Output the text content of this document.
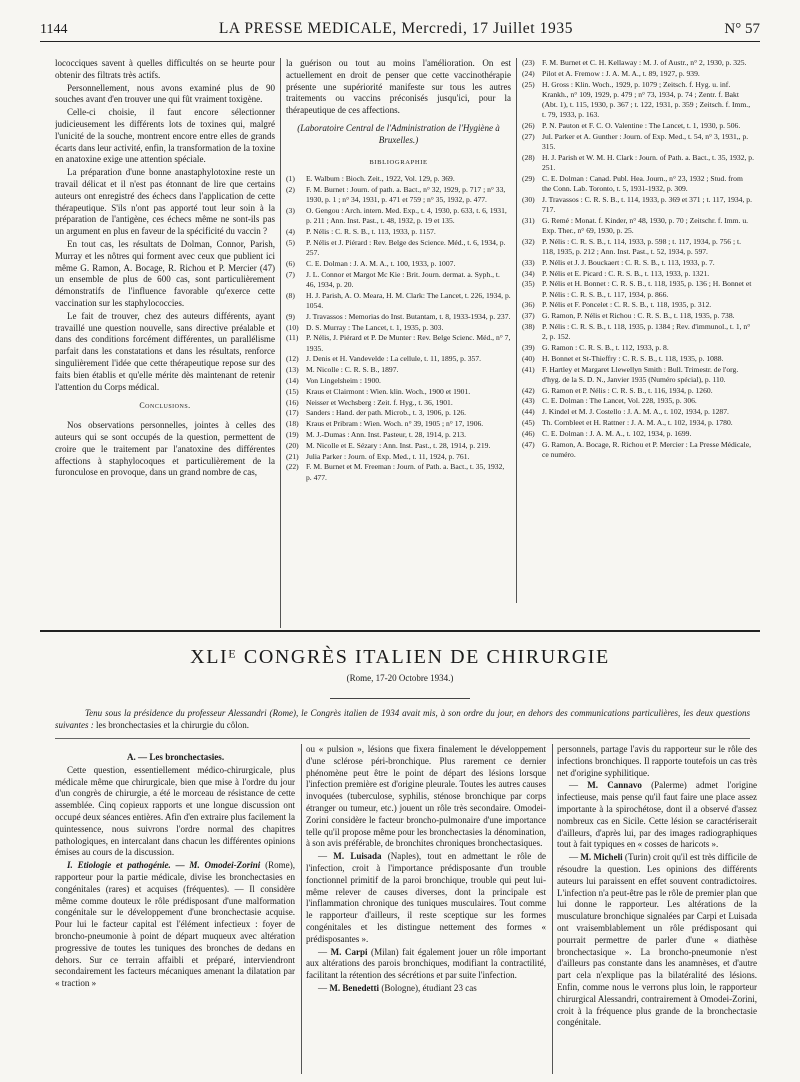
1144	LA PRESSE MEDICALE, Mercredi, 17 Juillet 1935	N° 57

lococciques savent à quelles difficultés on se heurte pour obtenir des filtrats très actifs.

Personnellement, nous avons examiné plus de 90 souches avant d'en trouver une qui fût vraiment toxigène.

Celle-ci choisie, il faut encore sélectionner judicieusement les différents lots de toxines qui, malgré l'unicité de la souche, montrent encore entre elles de grands écarts dans leur activité, enfin, la transformation de la toxine en anatoxine exige une attention spéciale.

La préparation d'une bonne anastaphylotoxine reste un travail délicat et il n'est pas étonnant de lire que certains auteurs ont enregistré des échecs dans l'application de cette thérapeutique. S'ils n'ont pas apporté tout leur soin à la préparation de l'antigène, ces échecs même ne sont-ils pas un argument en plus en faveur de la spécificité du vaccin ?

En tout cas, les résultats de Dolman, Connor, Parish, Murray et les nôtres qui forment avec ceux que publient ici même G. Ramon, A. Bocage, R. Richou et P. Mercier (47) un ensemble de plus de 600 cas, sont particulièrement démonstratifs de l'influence favorable qu'exerce cette vaccination sur les staphylococcies.

Le fait de trouver, chez des auteurs différents, ayant travaillé une question nouvelle, sans directive préalable et dans des conditions forcément différentes, un parallélisme parfait dans les constatations et dans les résultats, renforce singulièrement l'idée que cette thérapeutique repose sur des faits bien établis et qu'elle mérite dès maintenant de retenir l'attention du Corps médical.

Conclusions.

Nos observations personnelles, jointes à celles des auteurs qui se sont occupés de la question, permettent de croire que le traitement par l'anatoxine des différentes affections à staphylocoques et particulièrement de la furonculose en provoque, dans un grand nombre de cas,

la guérison ou tout au moins l'amélioration. On est actuellement en droit de penser que cette vaccinothérapie présente une supériorité manifeste sur tous les autres traitements ou vaccins préconisés jusqu'ici, pour la thérapeutique de ces affections.

(Laboratoire Central de l'Administration de l'Hygiène à Bruxelles.)

BIBLIOGRAPHIE
(1) E. Walbum : Bioch. Zeit., 1922, Vol. 129, p. 369.
(2) F. M. Burnet : Journ. of path. a. Bact., n° 32, 1929, p. 717 ; n° 33, 1930, p. 1 ; n° 34, 1931, p. 471 et 759 ; n° 35, 1932, p. 477.
(3) O. Gengou : Arch. intern. Med. Exp., t. 4, 1930, p. 633, t. 6, 1931, p. 211 ; Ann. Inst. Past., t. 48, 1932, p. 19 et 135.
(4) P. Nélis : C. R. S. B., t. 113, 1933, p. 1157.
(5) P. Nélis et J. Piérard : Rev. Belge des Science. Méd., t. 6, 1934, p. 257.
(6) C. E. Dolman : J. A. M. A., t. 100, 1933, p. 1007.
(7) J. L. Connor et Margot Mc Kie : Brit. Journ. dermat. a. Syph., t. 46, 1934, p. 20.
(8) H. J. Parish, A. O. Meara, H. M. Clark: The Lancet, t. 226, 1934, p. 1054.
(9) J. Travassos : Memorias do Inst. Butantam, t. 8, 1933-1934, p. 237.
(10) D. S. Murray : The Lancet, t. 1, 1935, p. 303.
(11) P. Nélis, J. Piérard et P. De Munter : Rev. Belge Scienc. Méd., n° 7, 1935.
(12) J. Denis et H. Vandevelde : La cellule, t. 11, 1895, p. 357.
(13) M. Nicolle : C. R. S. B., 1897.
(14) Von Lingelsheim : 1900.
(15) Kraus et Clairmont : Wien. klin. Woch., 1900 et 1901.
(16) Neisser et Wechsberg : Zeit. f. Hyg., t. 36, 1901.
(17) Sanders : Hand. der path. Microb., t. 3, 1906, p. 126.
(18) Kraus et Pribram : Wien. Woch. n° 39, 1905 ; n° 17, 1906.
(19) M. J.-Dumas : Ann. Inst. Pasteur, t. 28, 1914, p. 213.
(20) M. Nicolle et E. Sézary : Ann. Inst. Past., t. 28, 1914, p. 219.
(21) Julia Parker : Journ. of Exp. Med., t. 11, 1924, p. 761.
(22) F. M. Burnet et M. Freeman : Journ. of Path. a. Bact., t. 35, 1932, p. 477.
(23) F. M. Burnet et C. H. Kellaway : M. J. of Austr., n° 2, 1930, p. 325.
(24) Pilot et A. Fremow : J. A. M. A., t. 89, 1927, p. 939.
(25) H. Gross : Klin. Woch., 1929, p. 1079 ; Zeitsch. f. Hyg. u. inf. Krankh., n° 109, 1929, p. 479 ; n° 73, 1934, p. 74 ; Zentr. f. Bakt (Abt. 1), t. 115, 1930, p. 367 ; t. 122, 1931, p. 359 ; Zeitsch. f. Imm., t. 79, 1933, p. 163.
(26) P. N. Pauton et F. C. O. Valentine : The Lancet, t. 1, 1930, p. 506.
(27) Jul. Parker et A. Gunther : Journ. of Exp. Med., t. 54, n° 3, 1931,, p. 315.
(28) H. J. Parish et W. M. H. Clark : Journ. of Path. a. Bact., t. 35, 1932, p. 251.
(29) C. E. Dolman : Canad. Publ. Hea. Journ., n° 23, 1932 ; Stud. from the Conn. Lab. Toronto, t. 5, 1931-1932, p. 309.
(30) J. Travassos : C. R. S. B., t. 114, 1933, p. 369 et 371 ; t. 117, 1934, p. 717.
(31) G. Remé : Monat. f. Kinder, n° 48, 1930, p. 70 ; Zeitschr. f. Imm. u. Exp. Ther., n° 69, 1930, p. 25.
(32) P. Nélis : C. R. S. B., t. 114, 1933, p. 598 ; t. 117, 1934, p. 756 ; t. 118, 1935, p. 212 ; Ann. Inst. Past., t. 52, 1934, p. 597.
(33) P. Nélis et J. J. Bouckaert : C. R. S. B., t. 113, 1933, p. 7.
(34) P. Nélis et E. Picard : C. R. S. B., t. 113, 1933, p. 1321.
(35) P. Nélis et H. Bonnet : C. R. S. B., t. 118, 1935, p. 136 ; H. Bonnet et P. Nélis : C. R. S. B., t. 117, 1934, p. 866.
(36) P. Nélis et F. Poncelet : C. R. S. B., t. 118, 1935, p. 312.
(37) G. Ramon, P. Nélis et Richou : C. R. S. B., t. 118, 1935, p. 738.
(38) P. Nélis : C. R. S. B., t. 118, 1935, p. 1384 ; Rev. d'immunol., t. 1, n° 2, p. 152.
(39) G. Ramon : C. R. S. B., t. 112, 1933, p. 8.
(40) H. Bonnet et St-Thieffry : C. R. S. B., t. 118, 1935, p. 1088.
(41) F. Hartley et Margaret Llewellyn Smith : Bull. Trimestr. de l'org. d'hyg. de la S. D. N., Janvier 1935 (Numéro spécial), p. 110.
(42) G. Ramon et P. Nélis : C. R. S. B., t. 116, 1934, p. 1260.
(43) C. E. Dolman : The Lancet, Vol. 228, 1935, p. 306.
(44) J. Kindel et M. J. Costello : J. A. M. A., t. 102, 1934, p. 1287.
(45) Th. Cornbleet et H. Rattner : J. A. M. A., t. 102, 1934, p. 1780.
(46) C. E. Dolman : J. A. M. A., t. 102, 1934, p. 1699.
(47) G. Ramon, A. Bocage, R. Richou et P. Mercier : La Presse Médicale, ce numéro.
XLIᴱ CONGRÈS ITALIEN DE CHIRURGIE
(Rome, 17-20 Octobre 1934.)
Tenu sous la présidence du professeur Alessandri (Rome), le Congrès italien de 1934 avait mis, à son ordre du jour, en dehors des communications particulières, les deux questions suivantes : les bronchectasies et la chirurgie du côlon.

A. — Les bronchectasies.

Cette question, essentiellement médico-chirurgicale, plus médicale même que chirurgicale, bien que mise à l'ordre du jour d'un congrès de chirurgie, a été le morceau de résistance de cette assemblée. Cinq copieux rapports et une longue discussion ont occupé deux séances entières. Afin d'en extraire plus facilement la quintessence, nous suivrons l'ordre normal des chapitres pathologiques, en intercalant dans chacun les différentes opinions émises au cours de la discussion.

I. Etiologie et pathogénie. — M. Omodei-Zorini (Rome), rapporteur pour la partie médicale, divise les bronchectasies en congénitales (rares) et acquises (fréquentes). — Il considère même comme douteux le rôle prédisposant d'une malformation congénitale sur le développement d'une bronchectasie acquise. Pour lui le facteur capital est l'élément infectieux : foyer de broncho-pneumonie à point de départ muqueux avec altération progressive de toutes les tuniques des bronches de dedans en dehors. Sur ce terrain affaibli et préparé, interviendront secondairement les facteurs mécaniques amenant la dilatation par « traction »

ou « pulsion », lésions que fixera finalement le développement d'une sclérose péri-bronchique. Plus rarement ce dernier phénomène peut être le point de départ des lésions lorsque l'infection première est d'origine pleurale. Toutes les autres causes invoquées (tuberculose, syphilis, sténose bronchique par corps étranger ou tumeur, etc.) jouent un rôle très secondaire. Omodei-Zorini considère le facteur broncho-pulmonaire d'une importance telle qu'il propose même pour les bronchectasies la dénomination, à son avis préférable, de bronchites chroniques bronchectasiques.

— M. Luisada (Naples), tout en admettant le rôle de l'infection, croit à l'importance prédisposante d'un trouble fonctionnel primitif de la paroi bronchique, trouble qui peut lui-même relever de causes diverses, dont la principale est l'inflammation chronique des tuniques musculaires. Tout comme le rapporteur d'ailleurs, il reste sceptique sur les formes congénitales et les distingue nettement des formes « prédisposantes ».

— M. Carpi (Milan) fait également jouer un rôle important aux altérations des parois bronchiques, modifiant la contractilité, facilitant la rétention des sécrétions et par suite l'infection.

— M. Benedetti (Bologne), étudiant 23 cas

personnels, partage l'avis du rapporteur sur le rôle des infections bronchiques. Il rapporte toutefois un cas très net d'origine syphilitique.

— M. Cannavo (Palerme) admet l'origine infectieuse, mais pense qu'il faut faire une place assez importante à la spirochétose, dont il a observé d'assez nombreux cas en Sicile. Cette lésion se caractériserait d'ailleurs, d'après lui, par des images radiographiques tout à fait typiques en « cosses de haricots ».

— M. Micheli (Turin) croit qu'il est très difficile de résoudre la question. Les opinions des différents auteurs lui paraissent en effet souvent contradictoires. L'infection n'a peut-être pas le rôle de premier plan que lui donne le rapporteur. Les altérations de la musculature bronchique signalées par Carpi et Luisada ont vraisemblablement un rôle prédisposant qui pourrait permettre de parler d'une « diathèse bronchectasique ». La broncho-pneumonie n'est d'ailleurs pas constante dans les anamnèses, et d'autre part cela n'explique pas la bilatéralité des lésions. Enfin, comme nous le verrons plus loin, le rapporteur chirurgical Alessandri, contrairement à Omodei-Zorini, croit à la fréquence plus grande de la bronchectasie congénitale.
